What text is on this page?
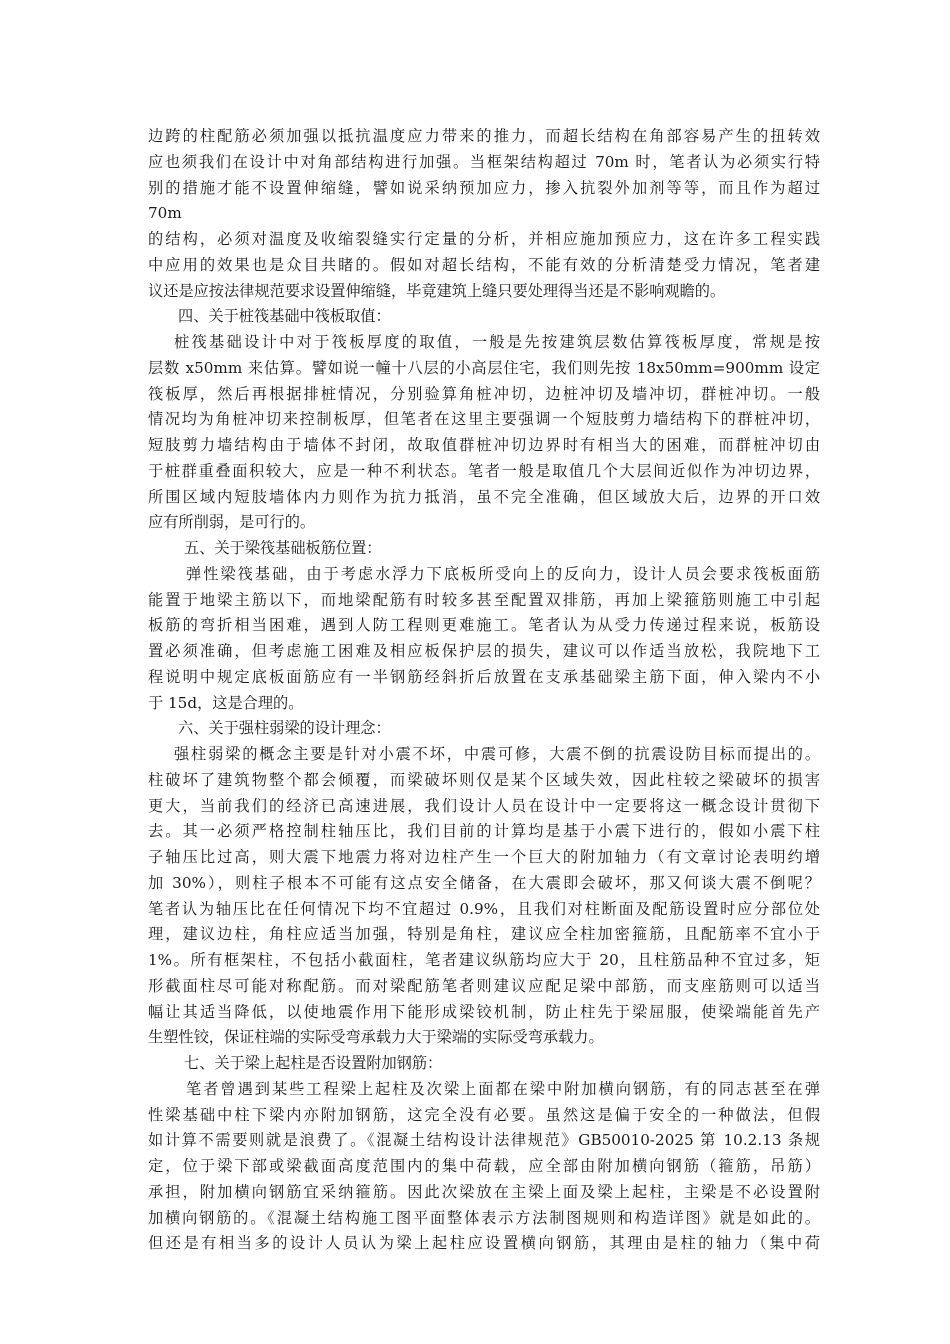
边跨的柱配筋必须加强以抵抗温度应力带来的推力，而超长结构在角部容易产生的扭转效
应也须我们在设计中对角部结构进行加强。当框架结构超过 70m 时，笔者认为必须实行特
别的措施才能不设置伸缩缝，譬如说采纳预加应力，掺入抗裂外加剂等等，而且作为超过
70m
的结构，必须对温度及收缩裂缝实行定量的分析，并相应施加预应力，这在许多工程实践
中应用的效果也是众目共睹的。假如对超长结构，不能有效的分析清楚受力情况，笔者建
议还是应按法律规范要求设置伸缩缝，毕竟建筑上缝只要处理得当还是不影响观瞻的。
四、关于桩筏基础中筏板取值：
桩筏基础设计中对于筏板厚度的取值，一般是先按建筑层数估算筏板厚度，常规是按
层数 x50mm 来估算。譬如说一幢十八层的小高层住宅，我们则先按 18x50mm=900mm 设定
筏板厚，然后再根据排桩情况，分别验算角桩冲切，边桩冲切及墙冲切，群桩冲切。一般
情况均为角桩冲切来控制板厚，但笔者在这里主要强调一个短肢剪力墙结构下的群桩冲切，
短肢剪力墙结构由于墙体不封闭，故取值群桩冲切边界时有相当大的困难，而群桩冲切由
于桩群重叠面积较大，应是一种不利状态。笔者一般是取值几个大层间近似作为冲切边界，
所围区域内短肢墙体内力则作为抗力抵消，虽不完全准确，但区域放大后，边界的开口效
应有所削弱，是可行的。
五、关于梁筏基础板筋位置：
弹性梁筏基础，由于考虑水浮力下底板所受向上的反向力，设计人员会要求筏板面筋
能置于地梁主筋以下，而地梁配筋有时较多甚至配置双排筋，再加上梁箍筋则施工中引起
板筋的弯折相当困难，遇到人防工程则更难施工。笔者认为从受力传递过程来说，板筋设
置必须准确，但考虑施工困难及相应板保护层的损失，建议可以作适当放松，我院地下工
程说明中规定底板面筋应有一半钢筋经斜折后放置在支承基础梁主筋下面，伸入梁内不小
于 15d，这是合理的。
六、关于强柱弱梁的设计理念：
强柱弱梁的概念主要是针对小震不坏，中震可修，大震不倒的抗震设防目标而提出的。
柱破坏了建筑物整个都会倾覆，而梁破坏则仅是某个区域失效，因此柱较之梁破坏的损害
更大，当前我们的经济已高速进展，我们设计人员在设计中一定要将这一概念设计贯彻下
去。其一必须严格控制柱轴压比，我们目前的计算均是基于小震下进行的，假如小震下柱
子轴压比过高，则大震下地震力将对边柱产生一个巨大的附加轴力（有文章讨论表明约增
加 30%），则柱子根本不可能有这点安全储备，在大震即会破坏，那又何谈大震不倒呢？
笔者认为轴压比在任何情况下均不宜超过 0.9%，且我们对柱断面及配筋设置时应分部位处
理，建议边柱，角柱应适当加强，特别是角柱，建议应全柱加密箍筋，且配筋率不宜小于
1%。所有框架柱，不包括小截面柱，笔者建议纵筋均应大于 20，且柱筋品种不宜过多，矩
形截面柱尽可能对称配筋。而对梁配筋笔者则建议应配足梁中部筋，而支座筋则可以适当
幅让其适当降低，以使地震作用下能形成梁铰机制，防止柱先于梁屈服，使梁端能首先产
生塑性铰，保证柱端的实际受弯承载力大于梁端的实际受弯承载力。
七、关于梁上起柱是否设置附加钢筋：
笔者曾遇到某些工程梁上起柱及次梁上面都在梁中附加横向钢筋，有的同志甚至在弹
性梁基础中柱下梁内亦附加钢筋，这完全没有必要。虽然这是偏于安全的一种做法，但假
如计算不需要则就是浪费了。《混凝土结构设计法律规范》GB50010-2025 第 10.2.13 条规
定，位于梁下部或梁截面高度范围内的集中荷载，应全部由附加横向钢筋（箍筋，吊筋）
承担，附加横向钢筋宜采纳箍筋。因此次梁放在主梁上面及梁上起柱，主梁是不必设置附
加横向钢筋的。《混凝土结构施工图平面整体表示方法制图规则和构造详图》就是如此的。
但还是有相当多的设计人员认为梁上起柱应设置横向钢筋，其理由是柱的轴力（集中荷
